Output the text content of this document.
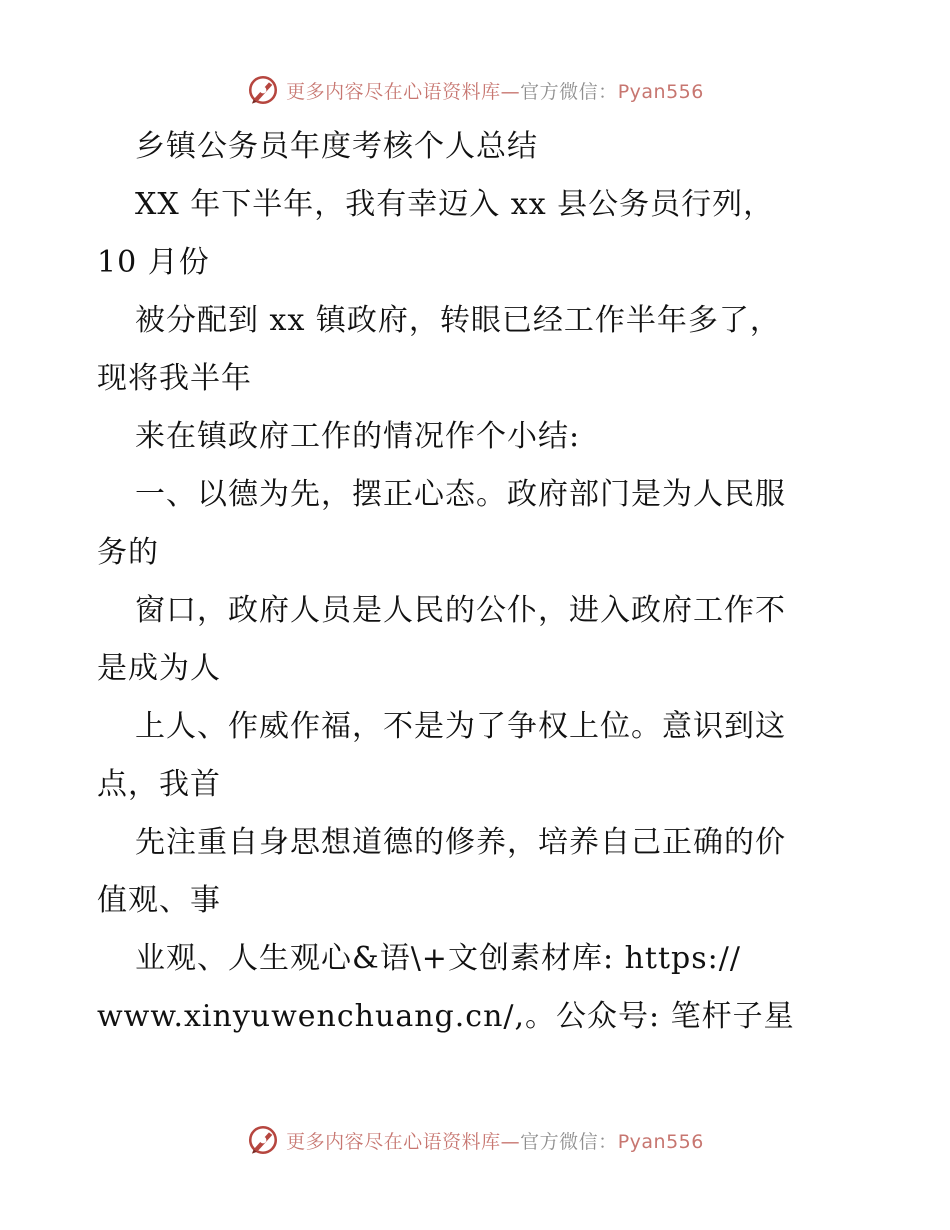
更多内容尽在心语资料库—官方微信：Pyan556
乡镇公务员年度考核个人总结
XX 年下半年，我有幸迈入 xx 县公务员行列，
10 月份
被分配到 xx 镇政府，转眼已经工作半年多了，
现将我半年
来在镇政府工作的情况作个小结:
一、以德为先，摆正心态。政府部门是为人民服
务的
窗口，政府人员是人民的公仆，进入政府工作不
是成为人
上人、作威作福，不是为了争权上位。意识到这
点，我首
先注重自身思想道德的修养，培养自己正确的价
值观、事
业观、人生观心&语\+文创素材库: https://
www.xinyuwenchuang.cn/,。公众号: 笔杆子星
更多内容尽在心语资料库—官方微信：Pyan556
